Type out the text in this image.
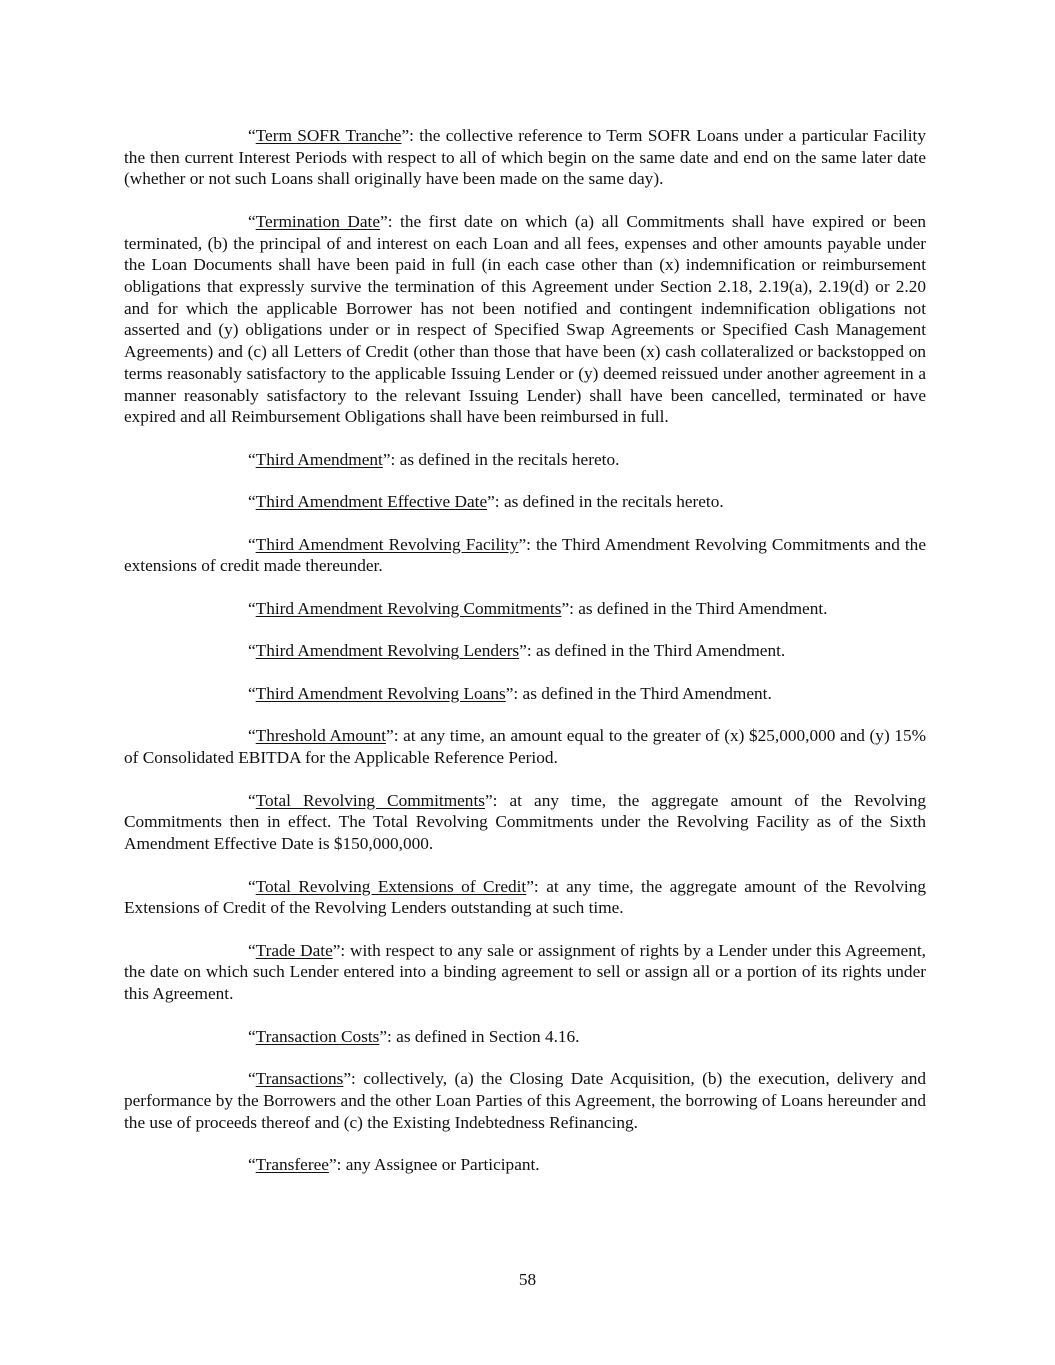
“Term SOFR Tranche”: the collective reference to Term SOFR Loans under a particular Facility the then current Interest Periods with respect to all of which begin on the same date and end on the same later date (whether or not such Loans shall originally have been made on the same day).

“Termination Date”: the first date on which (a) all Commitments shall have expired or been terminated, (b) the principal of and interest on each Loan and all fees, expenses and other amounts payable under the Loan Documents shall have been paid in full (in each case other than (x) indemnification or reimbursement obligations that expressly survive the termination of this Agreement under Section 2.18, 2.19(a), 2.19(d) or 2.20 and for which the applicable Borrower has not been notified and contingent indemnification obligations not asserted and (y) obligations under or in respect of Specified Swap Agreements or Specified Cash Management Agreements) and (c) all Letters of Credit (other than those that have been (x) cash collateralized or backstopped on terms reasonably satisfactory to the applicable Issuing Lender or (y) deemed reissued under another agreement in a manner reasonably satisfactory to the relevant Issuing Lender) shall have been cancelled, terminated or have expired and all Reimbursement Obligations shall have been reimbursed in full.

“Third Amendment”: as defined in the recitals hereto.

“Third Amendment Effective Date”: as defined in the recitals hereto.

“Third Amendment Revolving Facility”: the Third Amendment Revolving Commitments and the extensions of credit made thereunder.

“Third Amendment Revolving Commitments”: as defined in the Third Amendment.

“Third Amendment Revolving Lenders”: as defined in the Third Amendment.

“Third Amendment Revolving Loans”: as defined in the Third Amendment.

“Threshold Amount”: at any time, an amount equal to the greater of (x) $25,000,000 and (y) 15% of Consolidated EBITDA for the Applicable Reference Period.

“Total Revolving Commitments”: at any time, the aggregate amount of the Revolving Commitments then in effect. The Total Revolving Commitments under the Revolving Facility as of the Sixth Amendment Effective Date is $150,000,000.

“Total Revolving Extensions of Credit”: at any time, the aggregate amount of the Revolving Extensions of Credit of the Revolving Lenders outstanding at such time.

“Trade Date”: with respect to any sale or assignment of rights by a Lender under this Agreement, the date on which such Lender entered into a binding agreement to sell or assign all or a portion of its rights under this Agreement.

“Transaction Costs”: as defined in Section 4.16.

“Transactions”: collectively, (a) the Closing Date Acquisition, (b) the execution, delivery and performance by the Borrowers and the other Loan Parties of this Agreement, the borrowing of Loans hereunder and the use of proceeds thereof and (c) the Existing Indebtedness Refinancing.

“Transferee”: any Assignee or Participant.

58
